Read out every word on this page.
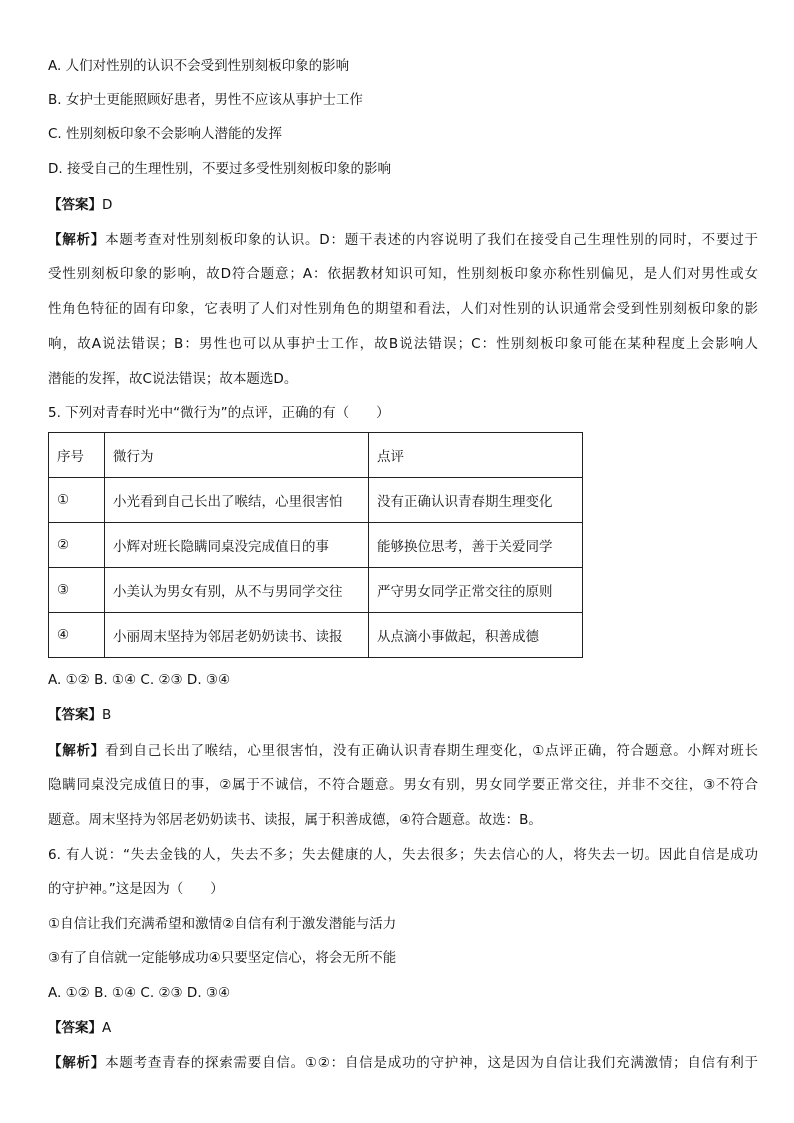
A. 人们对性别的认识不会受到性别刻板印象的影响
B. 女护士更能照顾好患者，男性不应该从事护士工作
C. 性别刻板印象不会影响人潜能的发挥
D. 接受自己的生理性别，不要过多受性别刻板印象的影响
【答案】D
【解析】本题考查对性别刻板印象的认识。D：题干表述的内容说明了我们在接受自己生理性别的同时，不要过于
受性别刻板印象的影响，故D符合题意；A：依据教材知识可知，性别刻板印象亦称性别偏见，是人们对男性或女
性角色特征的固有印象，它表明了人们对性别角色的期望和看法，人们对性别的认识通常会受到性别刻板印象的影
响，故A说法错误；B：男性也可以从事护士工作，故B说法错误；C：性别刻板印象可能在某种程度上会影响人
潜能的发挥，故C说法错误；故本题选D。
5. 下列对青春时光中“微行为”的点评，正确的有（　　）
序号	微行为	点评
①	小光看到自己长出了喉结，心里很害怕	没有正确认识青春期生理变化
②	小辉对班长隐瞒同桌没完成值日的事	能够换位思考，善于关爱同学
③	小美认为男女有别，从不与男同学交往	严守男女同学正常交往的原则
④	小丽周末坚持为邻居老奶奶读书、读报	从点滴小事做起，积善成德
A. ①② B. ①④ C. ②③ D. ③④
【答案】B
【解析】看到自己长出了喉结，心里很害怕，没有正确认识青春期生理变化，①点评正确，符合题意。小辉对班长
隐瞒同桌没完成值日的事，②属于不诚信，不符合题意。男女有别，男女同学要正常交往，并非不交往，③不符合
题意。周末坚持为邻居老奶奶读书、读报，属于积善成德，④符合题意。故选：B。
6. 有人说：“失去金钱的人，失去不多；失去健康的人，失去很多；失去信心的人，将失去一切。因此自信是成功
的守护神。”这是因为（　　）
①自信让我们充满希望和激情②自信有利于激发潜能与活力
③有了自信就一定能够成功④只要坚定信心，将会无所不能
A. ①② B. ①④ C. ②③ D. ③④
【答案】A
【解析】本题考查青春的探索需要自信。①②：自信是成功的守护神，这是因为自信让我们充满激情；自信有利于
